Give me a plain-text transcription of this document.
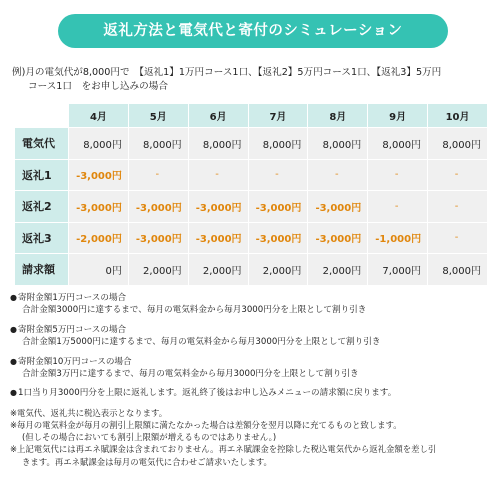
返礼方法と電気代と寄付のシミュレーション
例)月の電気代が8,000円で　【返礼1】1万円コース1口、【返礼2】5万円コース1口、【返礼3】5万円
コース1口　をお申し込みの場合
	4月	5月	6月	7月	8月	9月	10月
電気代	8,000円	8,000円	8,000円	8,000円	8,000円	8,000円	8,000円
返礼1	-3,000円	-	-	-	-	-	-
返礼2	-3,000円	-3,000円	-3,000円	-3,000円	-3,000円	-	-
返礼3	-2,000円	-3,000円	-3,000円	-3,000円	-3,000円	-1,000円	-
請求額	0円	2,000円	2,000円	2,000円	2,000円	7,000円	8,000円
● 寄附金額1万円コースの場合
合計金額3000円に達するまで、毎月の電気料金から毎月3000円分を上限として割り引き
● 寄附金額5万円コースの場合
合計金額1万5000円に達するまで、毎月の電気料金から毎月3000円分を上限として割り引き
● 寄附金額10万円コースの場合
合計金額3万円に達するまで、毎月の電気料金から毎月3000円分を上限として割り引き
● 1口当り月3000円分を上限に返礼します。返礼終了後はお申し込みメニューの請求額に戻ります。
※電気代、返礼共に税込表示となります。
※毎月の電気料金が毎月の割引上限額に満たなかった場合は差額分を翌月以降に充てるものと致します。
(但しその場合においても割引上限額が増えるものではありません。)
※上記電気代には再エネ賦課金は含まれておりません。再エネ賦課金を控除した税込電気代から返礼金額を差し引
きます。再エネ賦課金は毎月の電気代に合わせご請求いたします。
